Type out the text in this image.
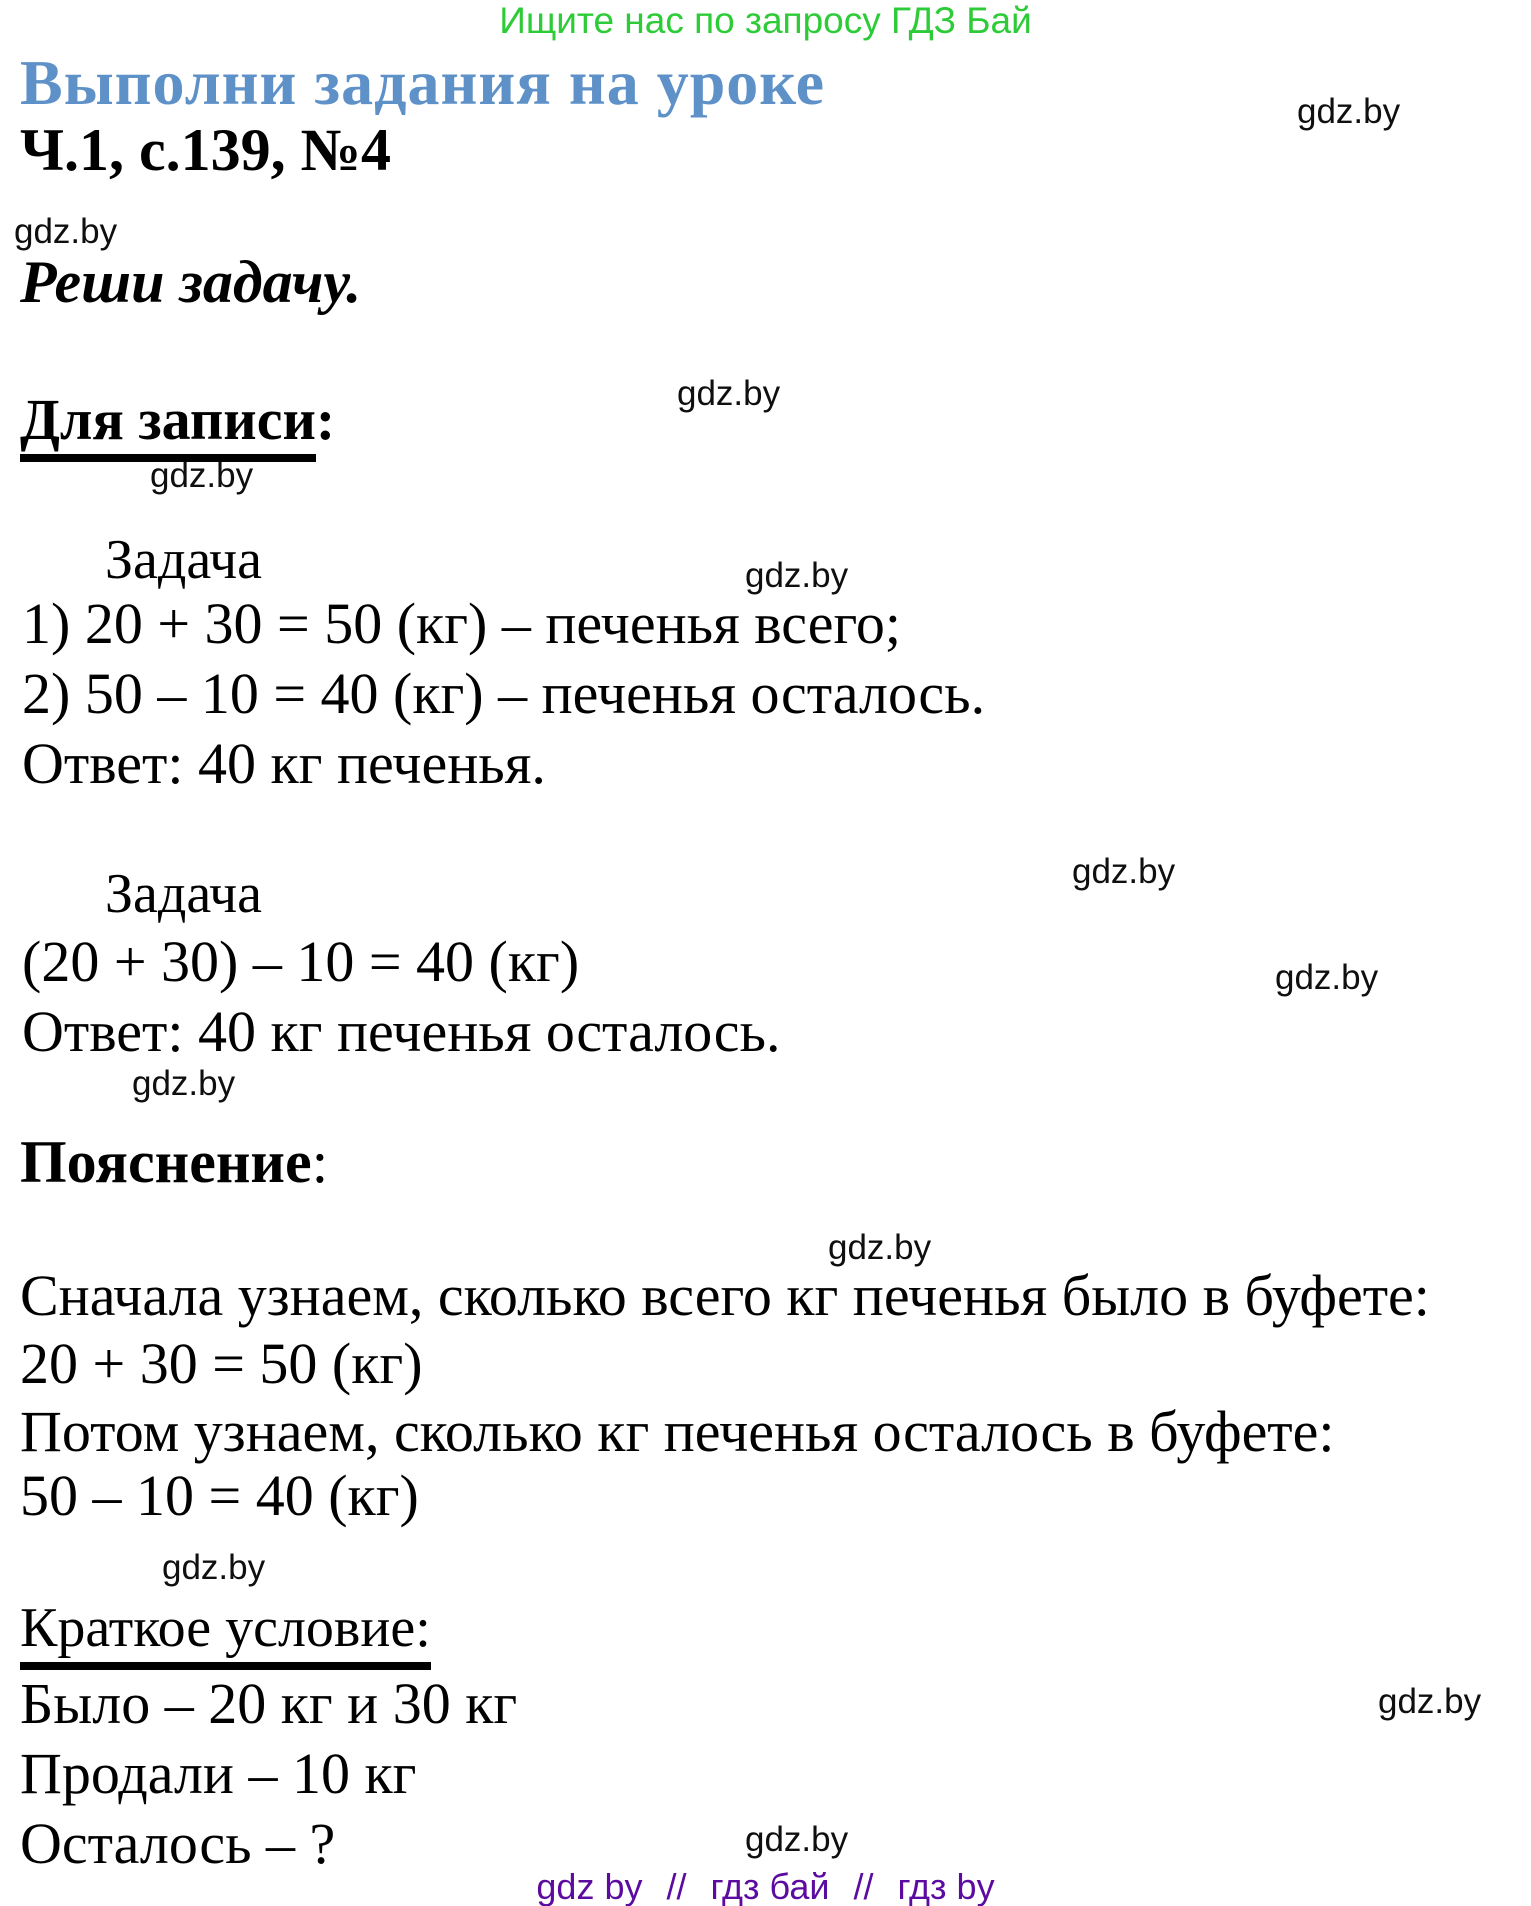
Ищите нас по запросу ГДЗ Бай
Выполни задания на уроке
Ч.1, с.139, №4
Реши задачу.
gdz.by
gdz.by
gdz.by
gdz.by
gdz.by
gdz.by
gdz.by
gdz.by
gdz.by
gdz.by
gdz.by
gdz.by
Для записи:
Задача
1) 20 + 30 = 50 (кг) – печенья всего;
2) 50 – 10 = 40 (кг) – печенья осталось.
Ответ: 40 кг печенья.
Задача
(20 + 30) – 10 = 40 (кг)
Ответ: 40 кг печенья осталось.
Пояснение:
Сначала узнаем, сколько всего кг печенья было в буфете:
20 + 30 = 50 (кг)
Потом узнаем, сколько кг печенья осталось в буфете:
50 – 10 = 40 (кг)
Краткое условие:
Было – 20 кг и 30 кг
Продали – 10 кг
Осталось – ?
gdz by // гдз бай // гдз by
